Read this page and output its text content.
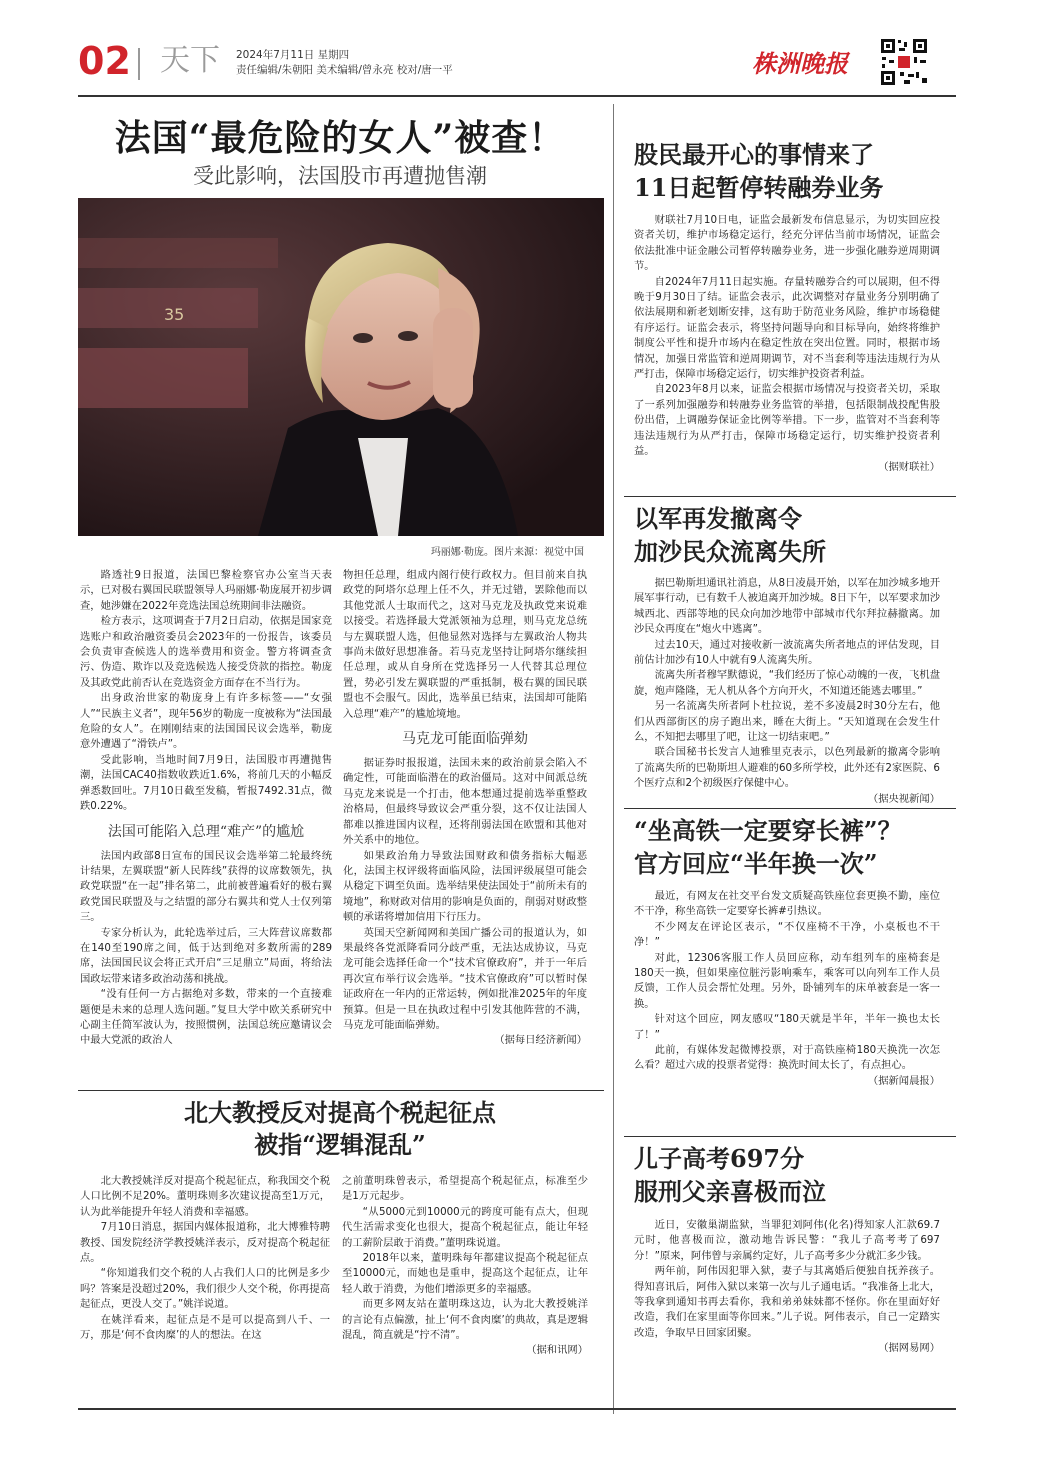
02 天下 2024年7月11日 星期四
责任编辑/朱朝阳 美术编辑/曾永亮 校对/唐一平	株洲晚报
法国“最危险的女人”被查！
受此影响，法国股市再遭抛售潮
35
玛丽娜·勒庞。图片来源：视觉中国

路透社9日报道，法国巴黎检察官办公室当天表示，已对极右翼国民联盟领导人玛丽娜·勒庞展开初步调查，她涉嫌在2022年竞选法国总统期间非法融资。

检方表示，这项调查于7月2日启动，依据是国家竞选账户和政治融资委员会2023年的一份报告，该委员会负责审查候选人的选举费用和资金。警方将调查贪污、伪造、欺诈以及竞选候选人接受贷款的指控。勒庞及其政党此前否认在竞选资金方面存在不当行为。

出身政治世家的勒庞身上有许多标签——“女强人”“民族主义者”，现年56岁的勒庞一度被称为“法国最危险的女人”。在刚刚结束的法国国民议会选举，勒庞意外遭遇了“滑铁卢”。

受此影响，当地时间7月9日，法国股市再遭抛售潮，法国CAC40指数收跌近1.6%，将前几天的小幅反弹悉数回吐。7月10日截至发稿，暂报7492.31点，微跌0.22%。

法国可能陷入总理“难产”的尴尬

法国内政部8日宣布的国民议会选举第二轮最终统计结果，左翼联盟“新人民阵线”获得的议席数领先，执政党联盟“在一起”排名第二，此前被普遍看好的极右翼政党国民联盟及与之结盟的部分右翼共和党人士仅列第三。

专家分析认为，此轮选举过后，三大阵营议席数都在140至190席之间，低于达到绝对多数所需的289席，法国国民议会将正式开启“三足鼎立”局面，将给法国政坛带来诸多政治动荡和挑战。

“没有任何一方占据绝对多数，带来的一个直接难题便是未来的总理人选问题。”复旦大学中欧关系研究中心副主任简军波认为，按照惯例，法国总统应邀请议会中最大党派的政治人

物担任总理，组成内阁行使行政权力。但目前来自执政党的阿塔尔总理上任不久，并无过错，罢除他而以其他党派人士取而代之，这对马克龙及执政党来说难以接受。若选择最大党派领袖为总理，则马克龙总统与左翼联盟人选，但他显然对选择与左翼政治人物共事尚未做好思想准备。若马克龙坚持让阿塔尔继续担任总理，或从自身所在党选择另一人代替其总理位置，势必引发左翼联盟的严重抵制，极右翼的国民联盟也不会服气。因此，选举虽已结束，法国却可能陷入总理“难产”的尴尬境地。

马克龙可能面临弹劾

据证券时报报道，法国未来的政治前景会陷入不确定性，可能面临潜在的政治僵局。这对中间派总统马克龙来说是一个打击，他本想通过提前选举重整政治格局，但最终导致议会严重分裂，这不仅让法国人都难以推进国内议程，还将削弱法国在欧盟和其他对外关系中的地位。

如果政治角力导致法国财政和债务指标大幅恶化，法国主权评级将面临风险，法国评级展望可能会从稳定下调至负面。选举结果使法国处于“前所未有的境地”，称财政对信用的影响是负面的，削弱对财政整顿的承诺将增加信用下行压力。

英国天空新闻网和美国广播公司的报道认为，如果最终各党派降看同分歧严重，无法达成协议，马克龙可能会选择任命一个“技术官僚政府”，并于一年后再次宣布举行议会选举。“技术官僚政府”可以暂时保证政府在一年内的正常运转，例如批准2025年的年度预算。但是一旦在执政过程中引发其他阵营的不满，马克龙可能面临弹劾。

（据每日经济新闻）

北大教授反对提高个税起征点
被指“逻辑混乱”

北大教授姚洋反对提高个税起征点，称我国交个税人口比例不足20%。董明珠则多次建议提高至1万元，认为此举能提升年轻人消费和幸福感。

7月10日消息，据国内媒体报道称，北大博雅特聘教授、国发院经济学教授姚洋表示，反对提高个税起征点。

“你知道我们交个税的人占我们人口的比例是多少吗？答案是没超过20%，我们很少人交个税，你再提高起征点，更没人交了。”姚洋说道。

在姚洋看来，起征点是不是可以提高到八千、一万，那是‘何不食肉糜’的人的想法。在这

之前董明珠曾表示，希望提高个税起征点，标准至少是1万元起步。

“从5000元到10000元的跨度可能有点大，但现代生活需求变化也很大，提高个税起征点，能让年轻的工薪阶层敢于消费。”董明珠说道。

2018年以来，董明珠每年都建议提高个税起征点至10000元，而她也是重申，提高这个起征点，让年轻人敢于消费，为他们增添更多的幸福感。

而更多网友站在董明珠这边，认为北大教授姚洋的言论有点偏激，扯上‘何不食肉糜’的典故，真是逻辑混乱，简直就是“拧不清”。

（据和讯网）

股民最开心的事情来了
11日起暂停转融券业务

财联社7月10日电，证监会最新发布信息显示，为切实回应投资者关切，维护市场稳定运行，经充分评估当前市场情况，证监会依法批准中证金融公司暂停转融券业务，进一步强化融券逆周期调节。

自2024年7月11日起实施。存量转融券合约可以展期，但不得晚于9月30日了结。证监会表示，此次调整对存量业务分别明确了依法展期和新老划断安排，这有助于防范业务风险，维护市场稳健有序运行。证监会表示，将坚持问题导向和目标导向，始终将维护制度公平性和提升市场内在稳定性放在突出位置。同时，根据市场情况，加强日常监管和逆周期调节，对不当套利等违法违规行为从严打击，保障市场稳定运行，切实维护投资者利益。

自2023年8月以来，证监会根据市场情况与投资者关切，采取了一系列加强融券和转融券业务监管的举措，包括限制战投配售股份出借，上调融券保证金比例等举措。下一步，监管对不当套利等违法违规行为从严打击，保障市场稳定运行，切实维护投资者利益。

（据财联社）

以军再发撤离令
加沙民众流离失所

据巴勒斯坦通讯社消息，从8日凌晨开始，以军在加沙城多地开展军事行动，已有数千人被迫离开加沙城。8日下午，以军要求加沙城西北、西部等地的民众向加沙地带中部城市代尔拜拉赫撤离。加沙民众再度在“炮火中逃离”。

过去10天，通过对接收新一波流离失所者地点的评估发现，目前估计加沙有10人中就有9人流离失所。

流离失所者穆罕默德说，“我们经历了惊心动魄的一夜，飞机盘旋，炮声隆隆，无人机从各个方向开火，不知道还能逃去哪里。”

另一名流离失所者阿卜杜拉说，差不多凌晨2时30分左右，他们从西部街区的房子跑出来，睡在大街上。“天知道现在会发生什么，不知把去哪里了吧，让这一切结束吧。”

联合国秘书长发言人迪雅里克表示，以色列最新的撤离令影响了流离失所的巴勒斯坦人避难的60多所学校，此外还有2家医院、6个医疗点和2个初级医疗保健中心。

（据央视新闻）

“坐高铁一定要穿长裤”？
官方回应“半年换一次”

最近，有网友在社交平台发文质疑高铁座位套更换不勤，座位不干净，称坐高铁一定要穿长裤#引热议。

不少网友在评论区表示，“不仅座椅不干净，小桌板也不干净！”

对此，12306客服工作人员回应称，动车组列车的座椅套是180天一换，但如果座位脏污影响乘车，乘客可以向列车工作人员反馈，工作人员会帮忙处理。另外，卧铺列车的床单被套是一客一换。

针对这个回应，网友感叹“180天就是半年，半年一换也太长了！”

此前，有媒体发起微博投票，对于高铁座椅180天换洗一次怎么看？超过六成的投票者觉得：换洗时间太长了，有点担心。

（据新闻晨报）

儿子高考697分
服刑父亲喜极而泣

近日，安徽巢湖监狱，当罪犯刘阿伟(化名)得知家人汇款69.7元时，他喜极而泣，激动地告诉民警：“我儿子高考考了697分！”原来，阿伟曾与亲属约定好，儿子高考多少分就汇多少钱。

两年前，阿伟因犯罪入狱，妻子与其离婚后便独自抚养孩子。得知喜讯后，阿伟入狱以来第一次与儿子通电话。“我准备上北大，等我拿到通知书再去看你，我和弟弟妹妹都不怪你。你在里面好好改造，我们在家里面等你回来。”儿子说。阿伟表示，自己一定踏实改造，争取早日回家团聚。

（据网易网）
